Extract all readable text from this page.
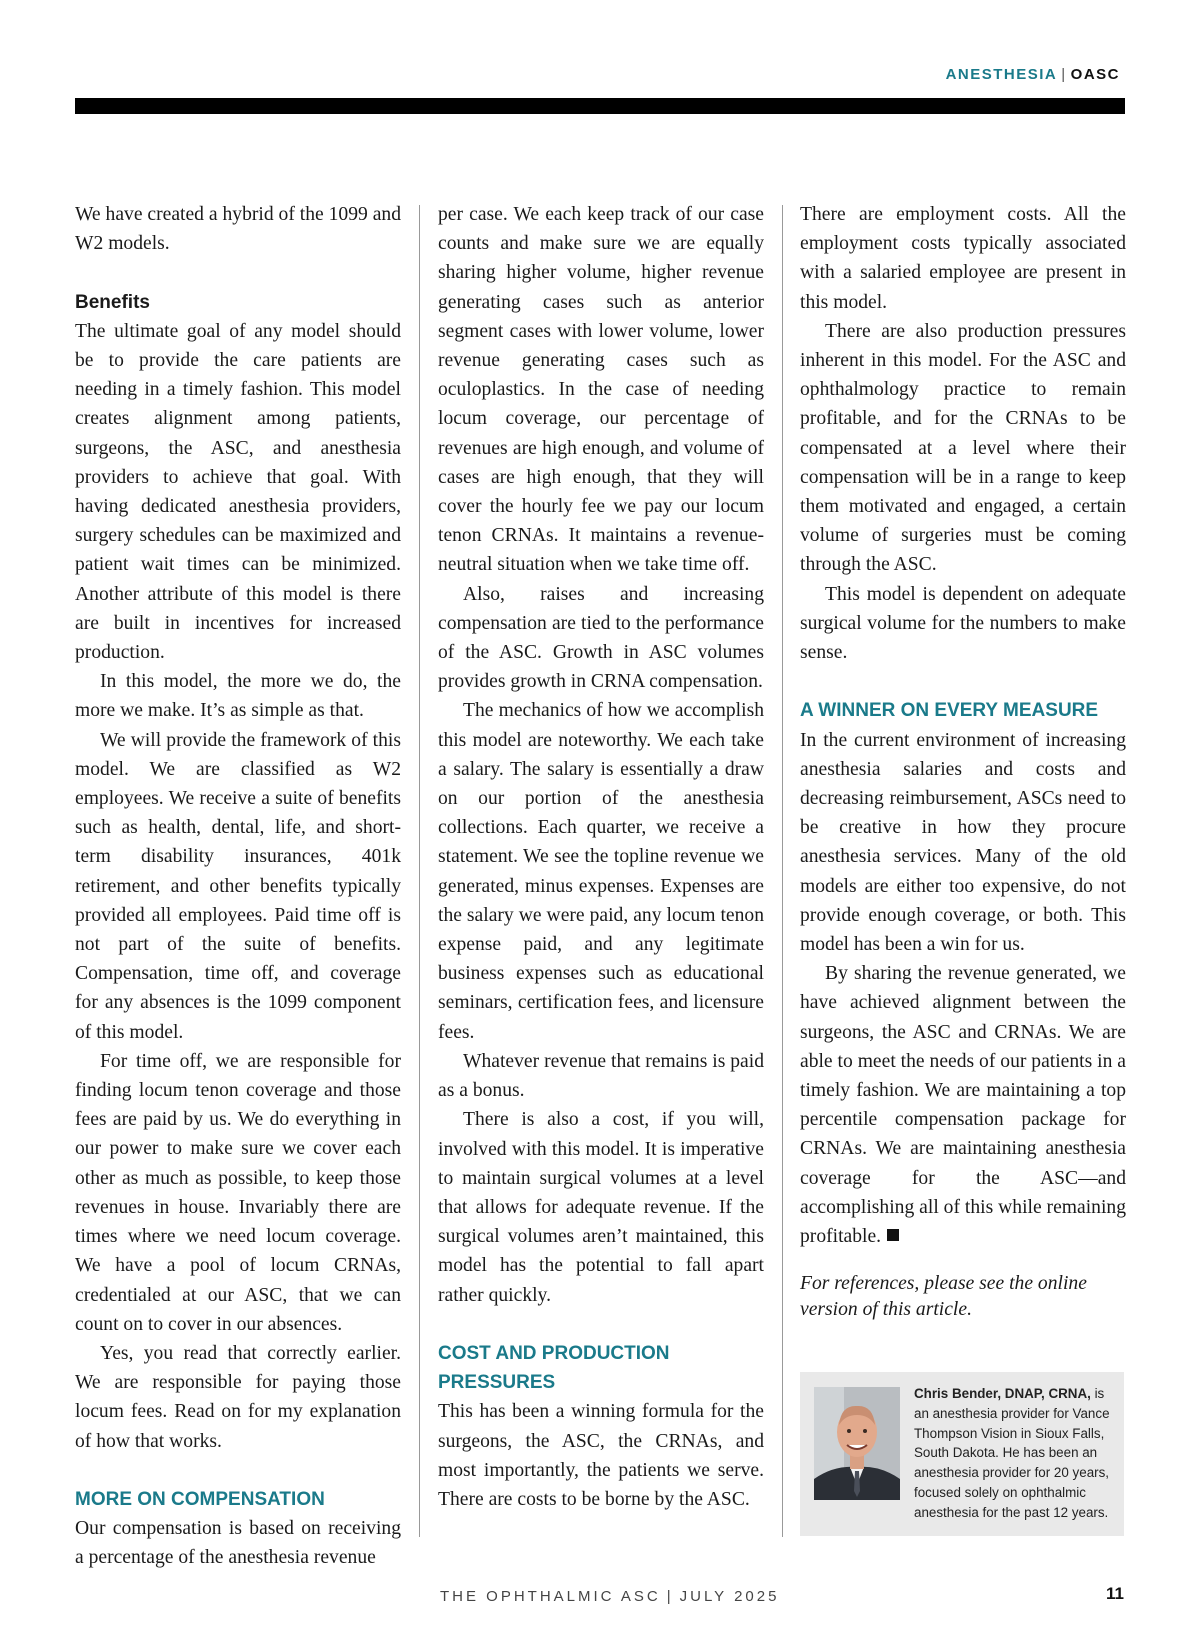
ANESTHESIA | OASC

We have created a hybrid of the 1099 and W2 models.

Benefits

The ultimate goal of any model should be to provide the care patients are needing in a timely fashion. This model creates alignment among patients, surgeons, the ASC, and anesthesia providers to achieve that goal. With having dedicated anesthesia providers, surgery schedules can be maximized and patient wait times can be minimized. Another attribute of this model is there are built in incentives for increased production.

In this model, the more we do, the more we make. It’s as simple as that.

We will provide the framework of this model. We are classified as W2 employees. We receive a suite of benefits such as health, dental, life, and short-term disability insurances, 401k retirement, and other benefits typically provided all employees. Paid time off is not part of the suite of benefits. Compensation, time off, and coverage for any absences is the 1099 component of this model.

For time off, we are responsible for finding locum tenon coverage and those fees are paid by us. We do everything in our power to make sure we cover each other as much as possible, to keep those revenues in house. Invariably there are times where we need locum coverage. We have a pool of locum CRNAs, credentialed at our ASC, that we can count on to cover in our absences.

Yes, you read that correctly earlier. We are responsible for paying those locum fees. Read on for my explanation of how that works.

MORE ON COMPENSATION

Our compensation is based on receiving a percentage of the anesthesia revenue

per case. We each keep track of our case counts and make sure we are equally sharing higher volume, higher revenue generating cases such as anterior segment cases with lower volume, lower revenue generating cases such as oculoplastics. In the case of needing locum coverage, our percentage of revenues are high enough, and volume of cases are high enough, that they will cover the hourly fee we pay our locum tenon CRNAs. It maintains a revenue-neutral situation when we take time off.

Also, raises and increasing compensation are tied to the performance of the ASC. Growth in ASC volumes provides growth in CRNA compensation.

The mechanics of how we accomplish this model are noteworthy. We each take a salary. The salary is essentially a draw on our portion of the anesthesia collections. Each quarter, we receive a statement. We see the topline revenue we generated, minus expenses. Expenses are the salary we were paid, any locum tenon expense paid, and any legitimate business expenses such as educational seminars, certification fees, and licensure fees.

Whatever revenue that remains is paid as a bonus.

There is also a cost, if you will, involved with this model. It is imperative to maintain surgical volumes at a level that allows for adequate revenue. If the surgical volumes aren’t maintained, this model has the potential to fall apart rather quickly.

COST AND PRODUCTION PRESSURES

This has been a winning formula for the surgeons, the ASC, the CRNAs, and most importantly, the patients we serve. There are costs to be borne by the ASC.

There are employment costs. All the employment costs typically associated with a salaried employee are present in this model.

There are also production pressures inherent in this model. For the ASC and ophthalmology practice to remain profitable, and for the CRNAs to be compensated at a level where their compensation will be in a range to keep them motivated and engaged, a certain volume of surgeries must be coming through the ASC.

This model is dependent on adequate surgical volume for the numbers to make sense.

A WINNER ON EVERY MEASURE

In the current environment of increasing anesthesia salaries and costs and decreasing reimbursement, ASCs need to be creative in how they procure anesthesia services. Many of the old models are either too expensive, do not provide enough coverage, or both. This model has been a win for us.

By sharing the revenue generated, we have achieved alignment between the surgeons, the ASC and CRNAs. We are able to meet the needs of our patients in a timely fashion. We are maintaining a top percentile compensation package for CRNAs. We are maintaining anesthesia coverage for the ASC—and accomplishing all of this while remaining profitable.

For references, please see the online version of this article.

Chris Bender, DNAP, CRNA, is an anesthesia provider for Vance Thompson Vision in Sioux Falls, South Dakota. He has been an anesthesia provider for 20 years, focused solely on ophthalmic anesthesia for the past 12 years.
THE OPHTHALMIC ASC | JULY 2025	11
